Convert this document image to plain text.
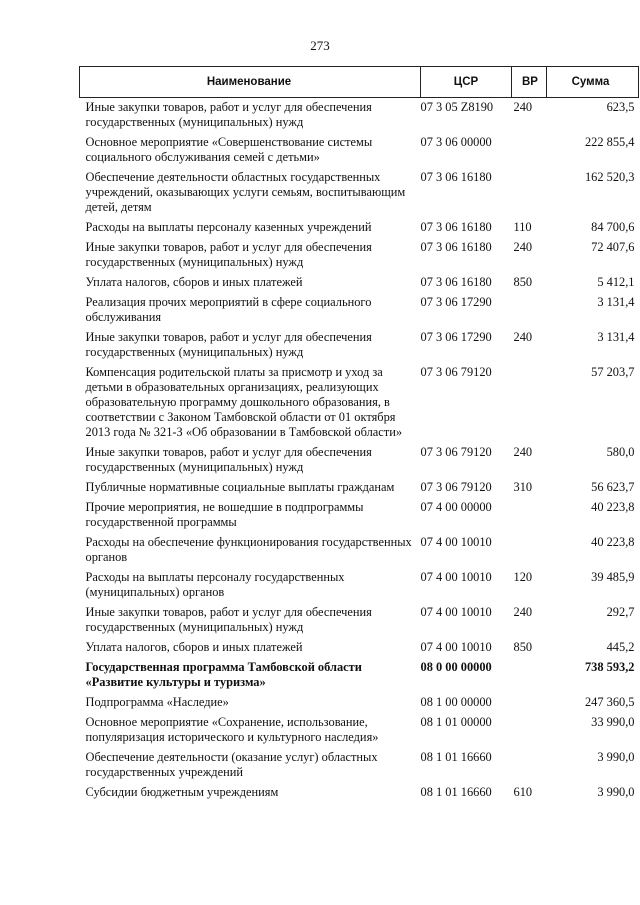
273
Наименование	ЦСР	ВР	Сумма
Иные закупки товаров, работ и услуг для обеспечения государственных (муниципальных) нужд	07 3 05 Z8190	240	623,5
Основное мероприятие «Совершенствование системы социального обслуживания семей с детьми»	07 3 06 00000		222 855,4
Обеспечение деятельности областных государственных учреждений, оказывающих услуги семьям, воспитывающим детей, детям	07 3 06 16180		162 520,3
Расходы на выплаты персоналу казенных учреждений	07 3 06 16180	110	84 700,6
Иные закупки товаров, работ и услуг для обеспечения государственных (муниципальных) нужд	07 3 06 16180	240	72 407,6
Уплата налогов, сборов и иных платежей	07 3 06 16180	850	5 412,1
Реализация прочих мероприятий в сфере социального обслуживания	07 3 06 17290		3 131,4
Иные закупки товаров, работ и услуг для обеспечения государственных (муниципальных) нужд	07 3 06 17290	240	3 131,4
Компенсация родительской платы за присмотр и уход за детьми в образовательных организациях, реализующих образовательную программу дошкольного образования, в соответствии с Законом Тамбовской области от 01 октября 2013 года № 321-З «Об образовании в Тамбовской области»	07 3 06 79120		57 203,7
Иные закупки товаров, работ и услуг для обеспечения государственных (муниципальных) нужд	07 3 06 79120	240	580,0
Публичные нормативные социальные выплаты гражданам	07 3 06 79120	310	56 623,7
Прочие мероприятия, не вошедшие в подпрограммы государственной программы	07 4 00 00000		40 223,8
Расходы на обеспечение функционирования государственных органов	07 4 00 10010		40 223,8
Расходы на выплаты персоналу государственных (муниципальных) органов	07 4 00 10010	120	39 485,9
Иные закупки товаров, работ и услуг для обеспечения государственных (муниципальных) нужд	07 4 00 10010	240	292,7
Уплата налогов, сборов и иных платежей	07 4 00 10010	850	445,2
Государственная программа Тамбовской области «Развитие культуры и туризма»	08 0 00 00000		738 593,2
Подпрограмма «Наследие»	08 1 00 00000		247 360,5
Основное мероприятие «Сохранение, использование, популяризация исторического и культурного наследия»	08 1 01 00000		33 990,0
Обеспечение деятельности (оказание услуг) областных государственных учреждений	08 1 01 16660		3 990,0
Субсидии бюджетным учреждениям	08 1 01 16660	610	3 990,0
